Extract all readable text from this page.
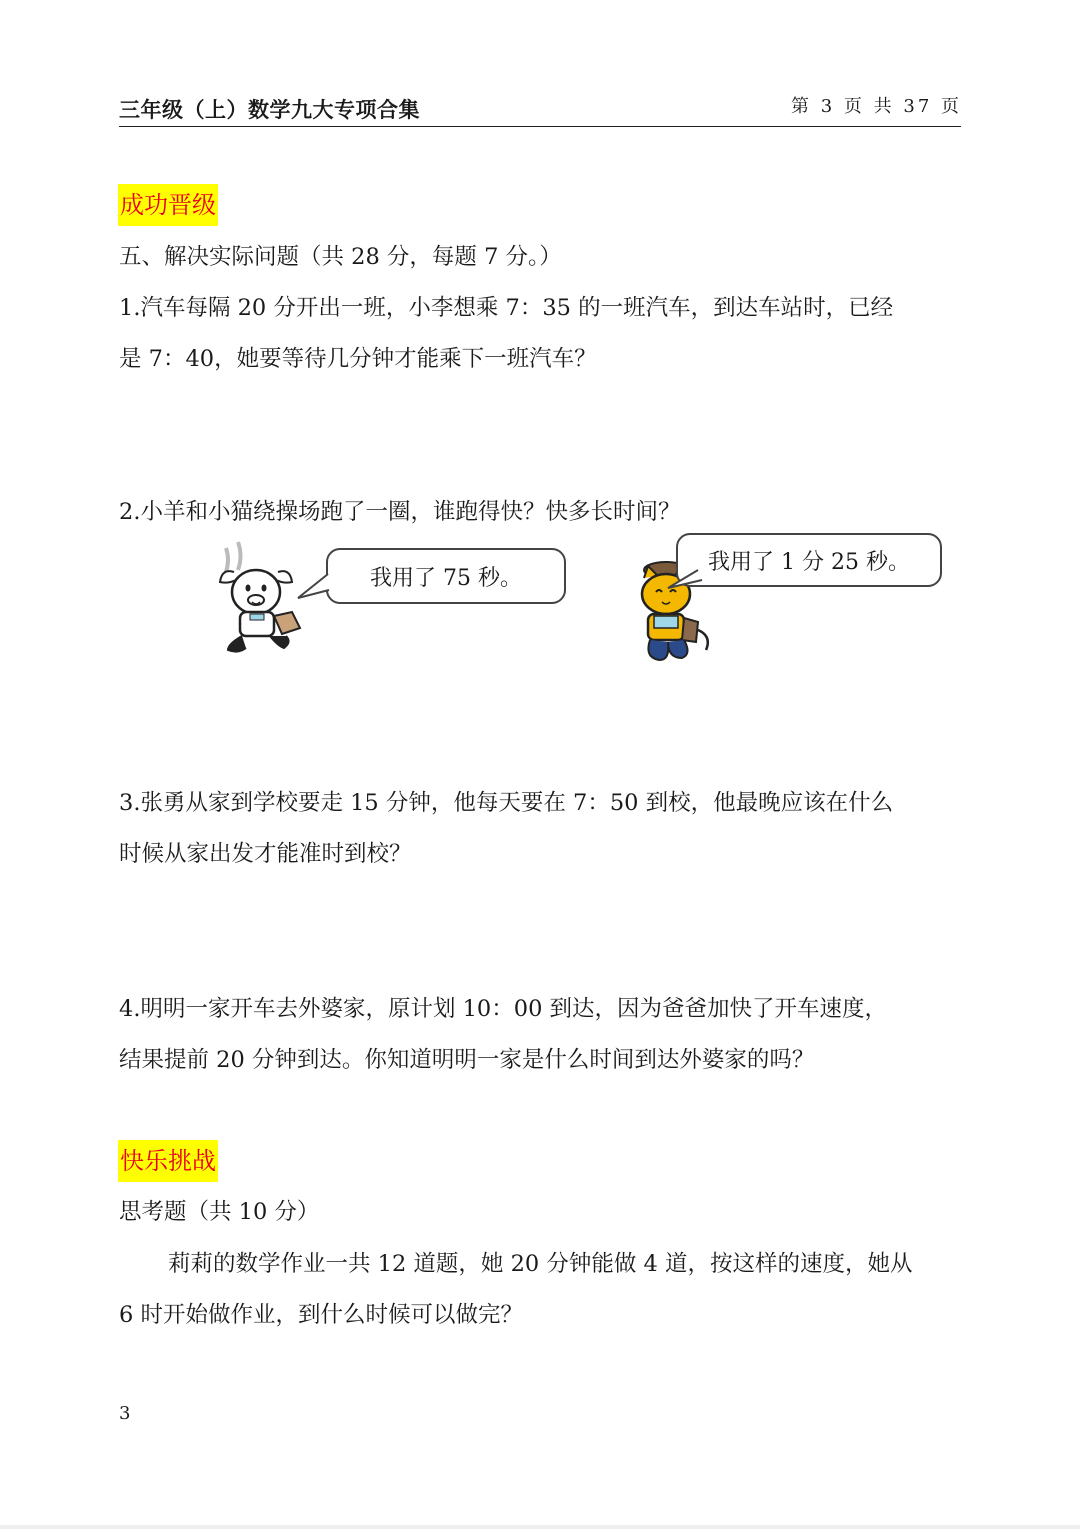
三年级（上）数学九大专项合集	第 3 页 共 37 页
成功晋级
五、解决实际问题（共 28 分，每题 7 分。）
1.汽车每隔 20 分开出一班，小李想乘 7：35 的一班汽车，到达车站时，已经
是 7：40，她要等待几分钟才能乘下一班汽车？
2.小羊和小猫绕操场跑了一圈，谁跑得快？快多长时间？
我用了 75 秒。
我用了 1 分 25 秒。
3.张勇从家到学校要走 15 分钟，他每天要在 7：50 到校，他最晚应该在什么
时候从家出发才能准时到校？
4.明明一家开车去外婆家，原计划 10：00 到达，因为爸爸加快了开车速度，
结果提前 20 分钟到达。你知道明明一家是什么时间到达外婆家的吗？
快乐挑战
思考题（共 10 分）
莉莉的数学作业一共 12 道题，她 20 分钟能做 4 道，按这样的速度，她从
6 时开始做作业，到什么时候可以做完？
3
